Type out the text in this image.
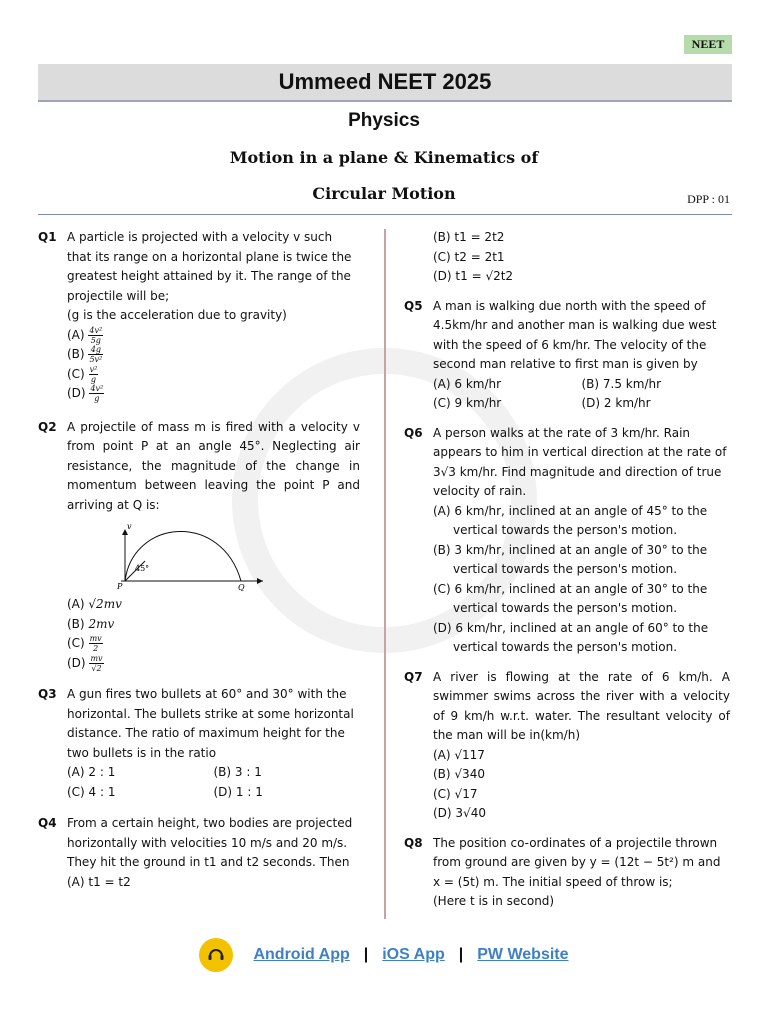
NEET
Ummeed NEET 2025
Physics
Motion in a plane & Kinematics of
Circular Motion	DPP : 01
Q1 A particle is projected with a velocity v such that its range on a horizontal plane is twice the greatest height attained by it. The range of the projectile will be;
(g is the acceleration due to gravity)
$(A) \frac{\text{4v²}}{5g}$
$(B) \frac{4g}{\text{5v²}}$
$(C) \frac{\text{v²}}{g}$
$(D) \frac{\text{4v²}}{g}$
Q2 A projectile of mass m is fired with a velocity v from point P at an angle 45°. Neglecting air resistance, the magnitude of the change in momentum between leaving the point P and arriving at Q is:
v
45°
P	Q
(A) √2mv
(B) 2mv
$(C) \frac{mv}{2}$
$(D) \frac{mv}{√2}$
Q3 A gun fires two bullets at 60° and 30° with the horizontal. The bullets strike at some horizontal distance. The ratio of maximum height for the two bullets is in the ratio
(A) 2 : 1	(B) 3 : 1
(C) 4 : 1	(D) 1 : 1
Q4 From a certain height, two bodies are projected horizontally with velocities 10 m/s and 20 m/s. They hit the ground in t1 and t2 seconds. Then
(A) t1 = t2
(B) t1 = 2t2
(C) t2 = 2t1
(D) t1 = √2t2
Q5 A man is walking due north with the speed of 4.5km/hr and another man is walking due west with the speed of 6 km/hr. The velocity of the second man relative to first man is given by
(A) 6 km/hr	(B) 7.5 km/hr
(C) 9 km/hr	(D) 2 km/hr
Q6 A person walks at the rate of 3 km/hr. Rain appears to him in vertical direction at the rate of 3√3 km/hr. Find magnitude and direction of true velocity of rain.
(A) 6 km/hr, inclined at an angle of 45° to the
vertical towards the person's motion.
(B) 3 km/hr, inclined at an angle of 30° to the
vertical towards the person's motion.
(C) 6 km/hr, inclined at an angle of 30° to the
vertical towards the person's motion.
(D) 6 km/hr, inclined at an angle of 60° to the
vertical towards the person's motion.
Q7 A river is flowing at the rate of 6 km/h. A swimmer swims across the river with a velocity of 9 km/h w.r.t. water. The resultant velocity of the man will be in(km/h)
(A) √117
(B) √340
(C) √17
(D) 3√40
Q8 The position co-ordinates of a projectile thrown from ground are given by y = (12t − 5t²) m and x = (5t) m. The initial speed of throw is;
(Here t is in second)
Android App | iOS App | PW Website
